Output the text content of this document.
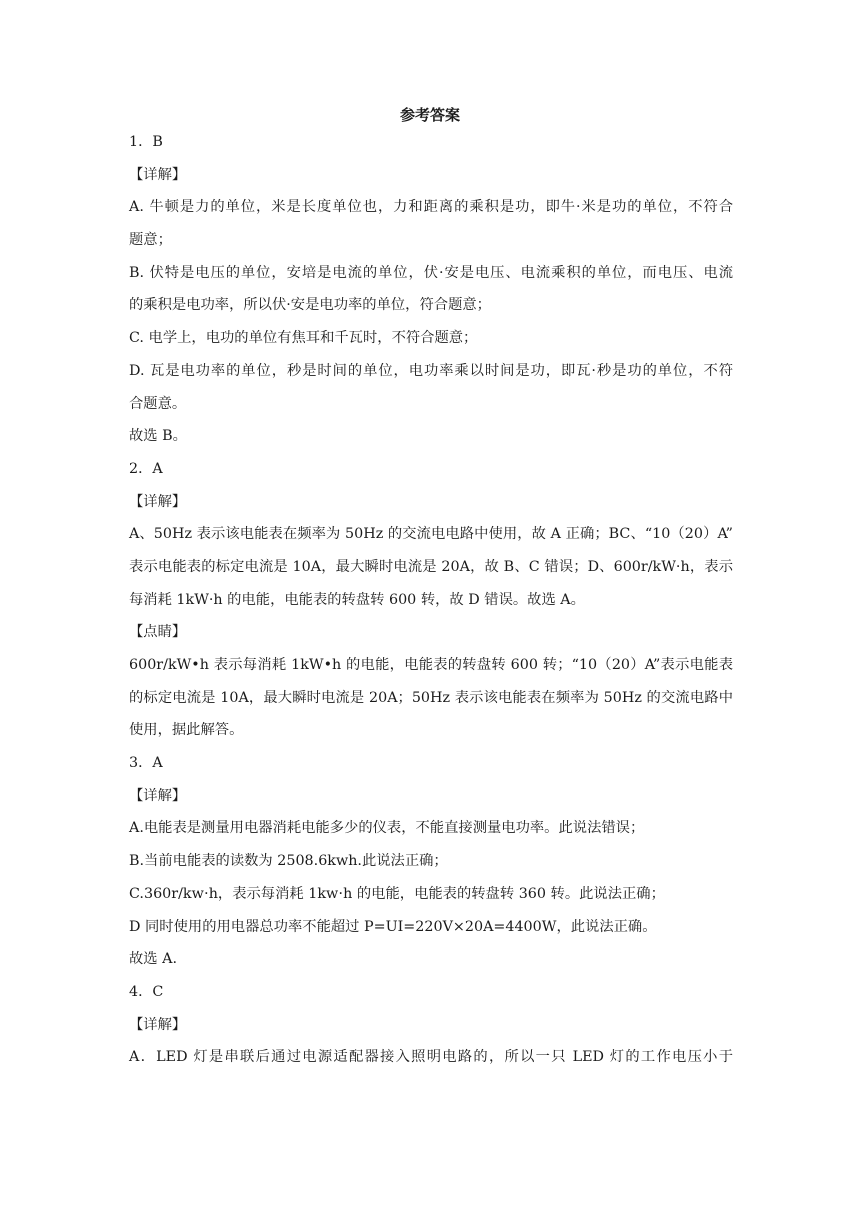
参考答案
1．B
【详解】
A. 牛顿是力的单位，米是长度单位也，力和距离的乘积是功，即牛·米是功的单位，不符合
题意；
B. 伏特是电压的单位，安培是电流的单位，伏·安是电压、电流乘积的单位，而电压、电流
的乘积是电功率，所以伏·安是电功率的单位，符合题意；
C. 电学上，电功的单位有焦耳和千瓦时，不符合题意；
D. 瓦是电功率的单位，秒是时间的单位，电功率乘以时间是功，即瓦·秒是功的单位，不符
合题意。
故选 B。
2．A
【详解】
A、50Hz 表示该电能表在频率为 50Hz 的交流电电路中使用，故 A 正确；BC、“10（20）A”
表示电能表的标定电流是 10A，最大瞬时电流是 20A，故 B、C 错误；D、600r/kW·h，表示
每消耗 1kW·h 的电能，电能表的转盘转 600 转，故 D 错误。故选 A。
【点睛】
600r/kW•h 表示每消耗 1kW•h 的电能，电能表的转盘转 600 转；“10（20）A”表示电能表
的标定电流是 10A，最大瞬时电流是 20A；50Hz 表示该电能表在频率为 50Hz 的交流电路中
使用，据此解答。
3．A
【详解】
A.电能表是测量用电器消耗电能多少的仪表，不能直接测量电功率。此说法错误；
B.当前电能表的读数为 2508.6kwh.此说法正确；
C.360r/kw⋅h，表示每消耗 1kw⋅h 的电能，电能表的转盘转 360 转。此说法正确；
D 同时使用的用电器总功率不能超过 P=UI=220V×20A=4400W，此说法正确。
故选 A.
4．C
【详解】
A．LED 灯是串联后通过电源适配器接入照明电路的，所以一只 LED 灯的工作电压小于
